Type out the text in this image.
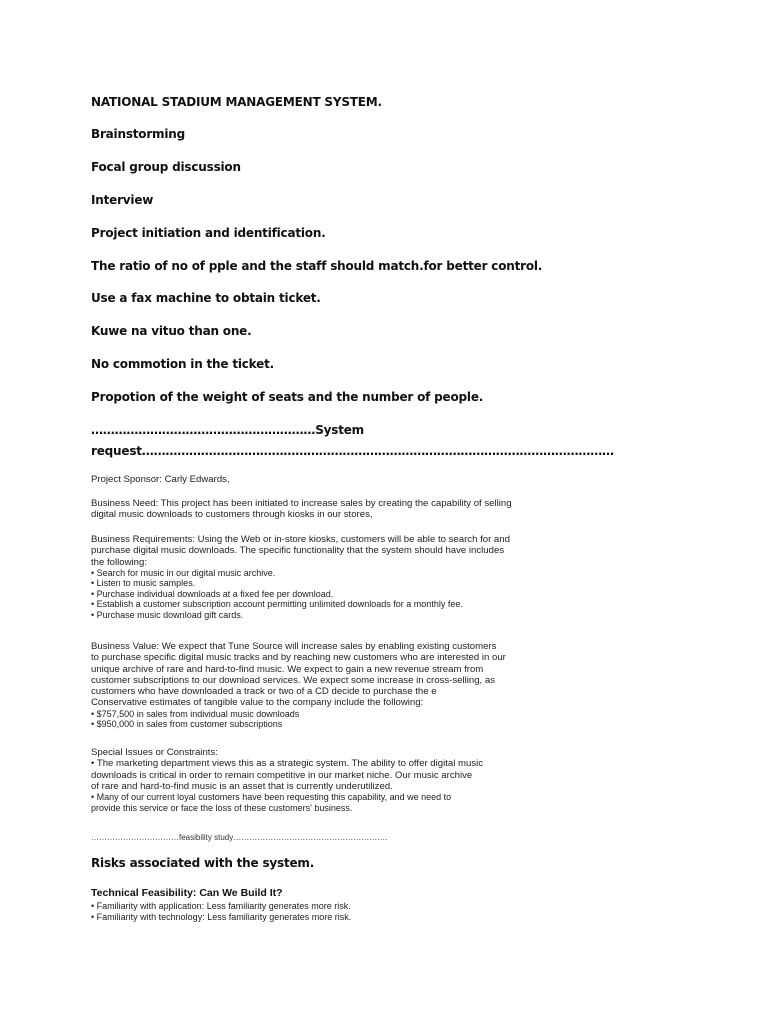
NATIONAL STADIUM MANAGEMENT SYSTEM.
Brainstorming
Focal group discussion
Interview
Project initiation and identification.
The ratio of no of pple and the staff should match.for better control.
Use a fax machine to obtain ticket.
Kuwe na vituo than one.
No commotion in the ticket.
Propotion of the weight of seats and the number of people.
…………………………………………………System
request…………………………………………………………………………………………………………
Project Sponsor: Carly Edwards,
Business Need: This project has been initiated to increase sales by creating the capability of selling
digital music downloads to customers through kiosks in our stores,
Business Requirements: Using the Web or in-store kiosks, customers will be able to search for and
purchase digital music downloads. The specific functionality that the system should have includes
the following:
• Search for music in our digital music archive.
• Listen to music samples.
• Purchase individual downloads at a fixed fee per download.
• Establish a customer subscription account permitting unlimited downloads for a monthly fee.
• Purchase music download gift cards.
Business Value: We expect that Tune Source will increase sales by enabling existing customers
to purchase specific digital music tracks and by reaching new customers who are interested in our
unique archive of rare and hard-to-find music. We expect to gain a new revenue stream from
customer subscriptions to our download services. We expect some increase in cross-selling, as
customers who have downloaded a track or two of a CD decide to purchase the e
Conservative estimates of tangible value to the company include the following:
• $757,500 in sales from individual music downloads
• $950,000 in sales from customer subscriptions
Special Issues or Constraints:
• The marketing department views this as a strategic system. The ability to offer digital music
downloads is critical in order to remain competitive in our market niche. Our music archive
of rare and hard-to-find music is an asset that is currently underutilized.
• Many of our current loyal customers have been requesting this capability, and we need to
provide this service or face the loss of these customers' business.
……………………………feasibility study………………………………………………….
Risks associated with the system.
Technical Feasibility: Can We Build It?
• Familiarity with application: Less familiarity generates more risk.
• Familiarity with technology: Less familiarity generates more risk.
